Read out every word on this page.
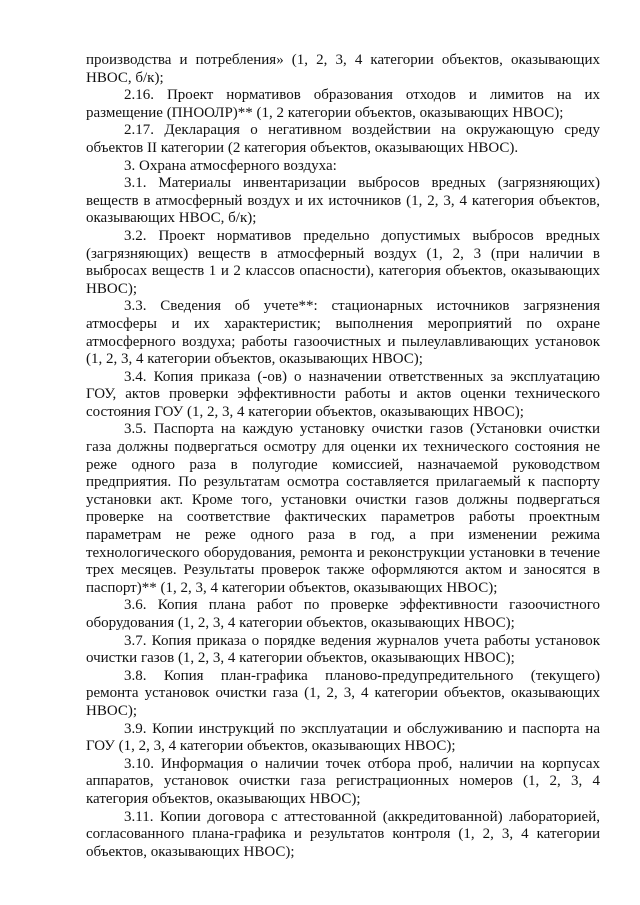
производства и потребления» (1, 2, 3, 4 категории объектов, оказывающих НВОС, б/к);

2.16. Проект нормативов образования отходов и лимитов на их размещение (ПНООЛР)** (1, 2 категории объектов, оказывающих НВОС);

2.17. Декларация о негативном воздействии на окружающую среду объектов II категории (2 категория объектов, оказывающих НВОС).

3. Охрана атмосферного воздуха:

3.1. Материалы инвентаризации выбросов вредных (загрязняющих) веществ в атмосферный воздух и их источников (1, 2, 3, 4 категория объектов, оказывающих НВОС, б/к);

3.2. Проект нормативов предельно допустимых выбросов вредных (загрязняющих) веществ в атмосферный воздух (1, 2, 3 (при наличии в выбросах веществ 1 и 2 классов опасности), категория объектов, оказывающих НВОС);

3.3. Сведения об учете**: стационарных источников загрязнения атмосферы и их характеристик; выполнения мероприятий по охране атмосферного воздуха; работы газоочистных и пылеулавливающих установок (1, 2, 3, 4 категории объектов, оказывающих НВОС);

3.4. Копия приказа (-ов) о назначении ответственных за эксплуатацию ГОУ, актов проверки эффективности работы и актов оценки технического состояния ГОУ (1, 2, 3, 4 категории объектов, оказывающих НВОС);

3.5. Паспорта на каждую установку очистки газов (Установки очистки газа должны подвергаться осмотру для оценки их технического состояния не реже одного раза в полугодие комиссией, назначаемой руководством предприятия. По результатам осмотра составляется прилагаемый к паспорту установки акт. Кроме того, установки очистки газов должны подвергаться проверке на соответствие фактических параметров работы проектным параметрам не реже одного раза в год, а при изменении режима технологического оборудования, ремонта и реконструкции установки в течение трех месяцев. Результаты проверок также оформляются актом и заносятся в паспорт)** (1, 2, 3, 4 категории объектов, оказывающих НВОС);

3.6. Копия плана работ по проверке эффективности газоочистного оборудования (1, 2, 3, 4 категории объектов, оказывающих НВОС);

3.7. Копия приказа о порядке ведения журналов учета работы установок очистки газов (1, 2, 3, 4 категории объектов, оказывающих НВОС);

3.8. Копия план-графика планово-предупредительного (текущего) ремонта установок очистки газа (1, 2, 3, 4 категории объектов, оказывающих НВОС);

3.9. Копии инструкций по эксплуатации и обслуживанию и паспорта на ГОУ (1, 2, 3, 4 категории объектов, оказывающих НВОС);

3.10. Информация о наличии точек отбора проб, наличии на корпусах аппаратов, установок очистки газа регистрационных номеров (1, 2, 3, 4 категория объектов, оказывающих НВОС);

3.11. Копии договора с аттестованной (аккредитованной) лабораторией, согласованного плана-графика и результатов контроля (1, 2, 3, 4 категории объектов, оказывающих НВОС);
